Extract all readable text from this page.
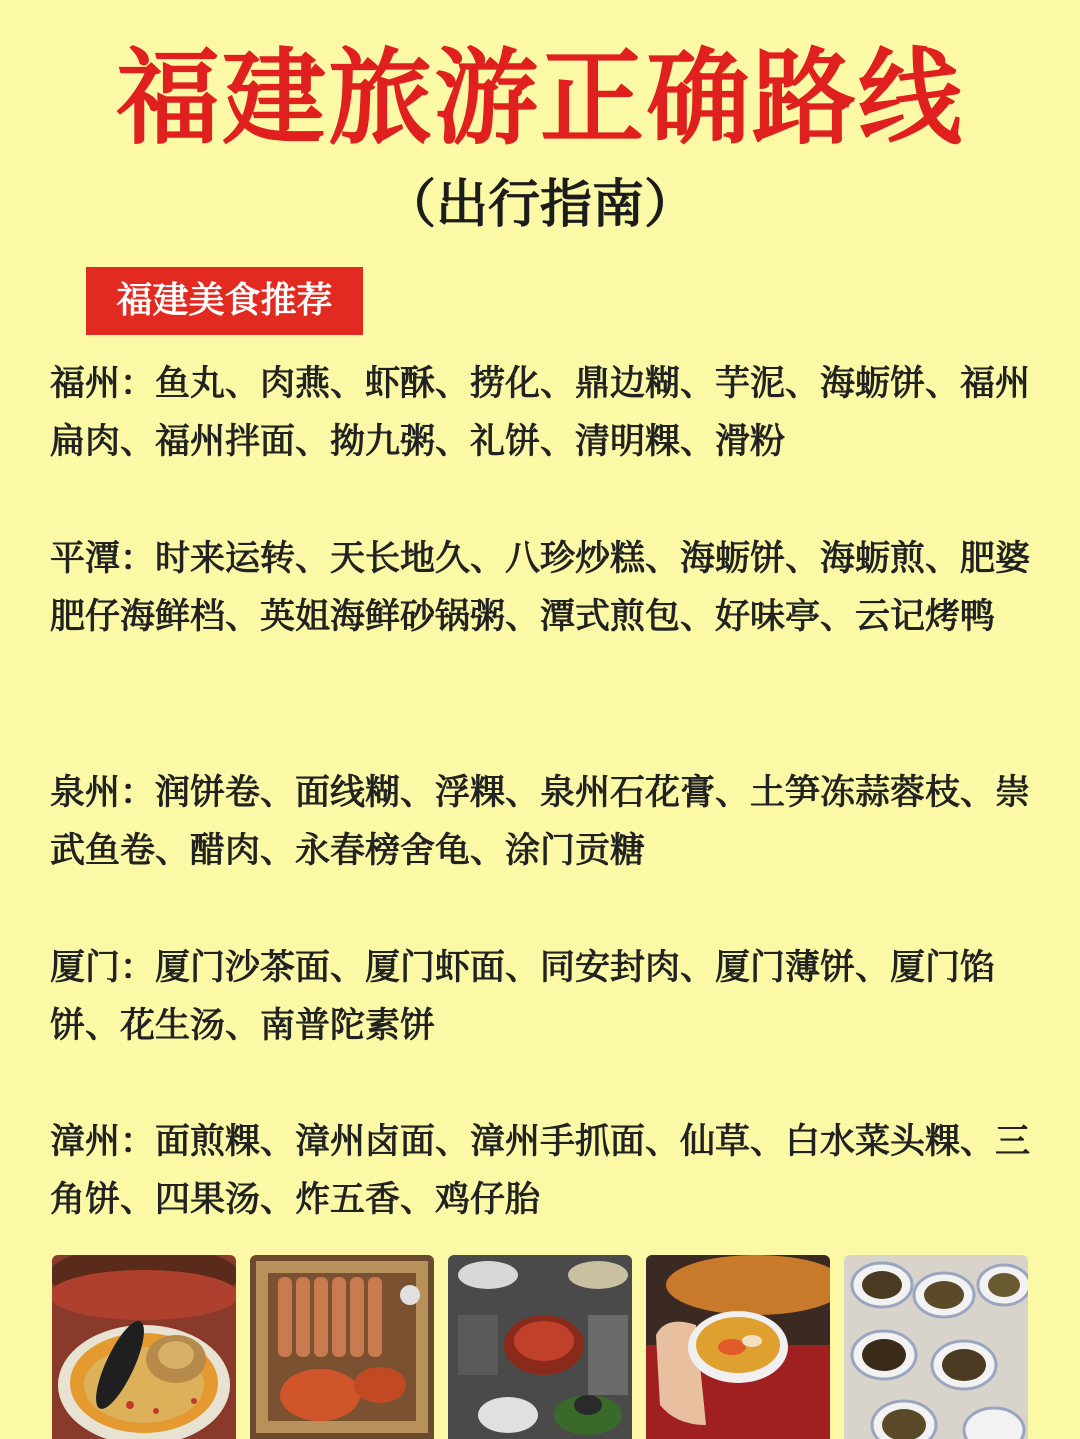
福建旅游正确路线
（出行指南）
福建美食推荐

福州：鱼丸、肉燕、虾酥、捞化、鼎边糊、芋泥、海蛎饼、福州扁肉、福州拌面、拗九粥、礼饼、清明粿、滑粉

平潭：时来运转、天长地久、八珍炒糕、海蛎饼、海蛎煎、肥婆肥仔海鲜档、英姐海鲜砂锅粥、潭式煎包、好味亭、云记烤鸭

泉州：润饼卷、面线糊、浮粿、泉州石花膏、土笋冻蒜蓉枝、崇武鱼卷、醋肉、永春榜舍龟、涂门贡糖

厦门：厦门沙茶面、厦门虾面、同安封肉、厦门薄饼、厦门馅饼、花生汤、南普陀素饼

漳州：面煎粿、漳州卤面、漳州手抓面、仙草、白水菜头粿、三角饼、四果汤、炸五香、鸡仔胎
